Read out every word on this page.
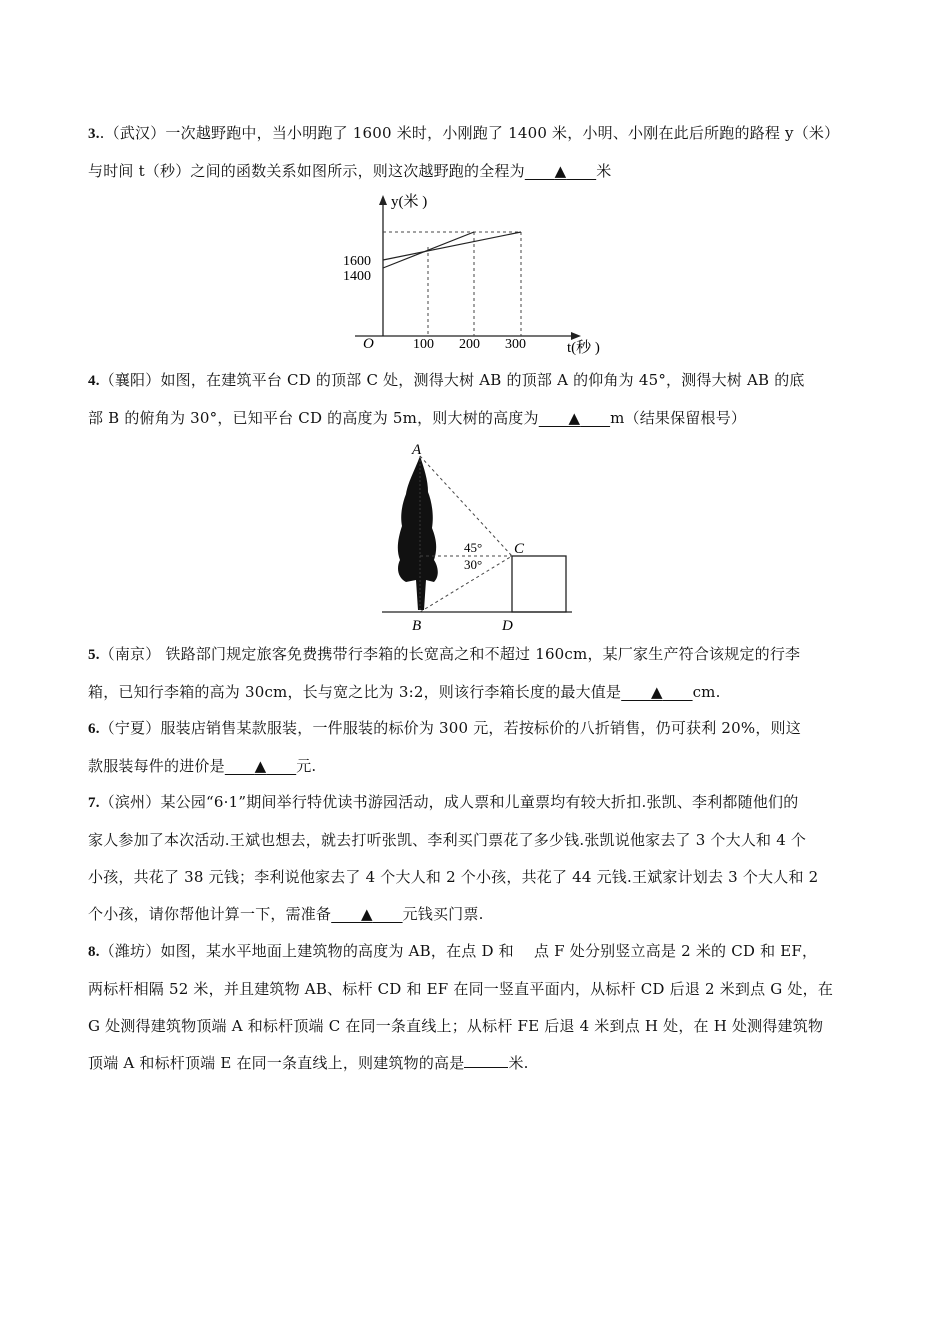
3..（武汉）一次越野跑中，当小明跑了 1600 米时，小刚跑了 1400 米，小明、小刚在此后所跑的路程 y（米）
与时间 t（秒）之间的函数关系如图所示，则这次越野跑的全程为 ▲ 米
y(米 )
1600
1400
O	100 200 300	t(秒 )
4.（襄阳）如图，在建筑平台 CD 的顶部 C 处，测得大树 AB 的顶部 A 的仰角为 45°，测得大树 AB 的底
部 B 的俯角为 30°，已知平台 CD 的高度为 5m，则大树的高度为 ▲ m（结果保留根号）
A
B
C
D
45°
30°
5.（南京） 铁路部门规定旅客免费携带行李箱的长宽高之和不超过 160cm，某厂家生产符合该规定的行李
箱，已知行李箱的高为 30cm，长与宽之比为 3:2，则该行李箱长度的最大值是 ▲ cm.
6.（宁夏）服装店销售某款服装，一件服装的标价为 300 元，若按标价的八折销售，仍可获利 20%，则这
款服装每件的进价是 ▲ 元.
7.（滨州）某公园“6·1”期间举行特优读书游园活动，成人票和儿童票均有较大折扣.张凯、李利都随他们的
家人参加了本次活动.王斌也想去，就去打听张凯、李利买门票花了多少钱.张凯说他家去了 3 个大人和 4 个
小孩，共花了 38 元钱；李利说他家去了 4 个大人和 2 个小孩，共花了 44 元钱.王斌家计划去 3 个大人和 2
个小孩，请你帮他计算一下，需准备 ▲ 元钱买门票.
8.（潍坊）如图，某水平地面上建筑物的高度为 AB，在点 D 和　 点 F 处分别竖立高是 2 米的 CD 和 EF，
两标杆相隔 52 米，并且建筑物 AB、标杆 CD 和 EF 在同一竖直平面内，从标杆 CD 后退 2 米到点 G 处，在
G 处测得建筑物顶端 A 和标杆顶端 C 在同一条直线上；从标杆 FE 后退 4 米到点 H 处，在 H 处测得建筑物
顶端 A 和标杆顶端 E 在同一条直线上，则建筑物的高是	米.
